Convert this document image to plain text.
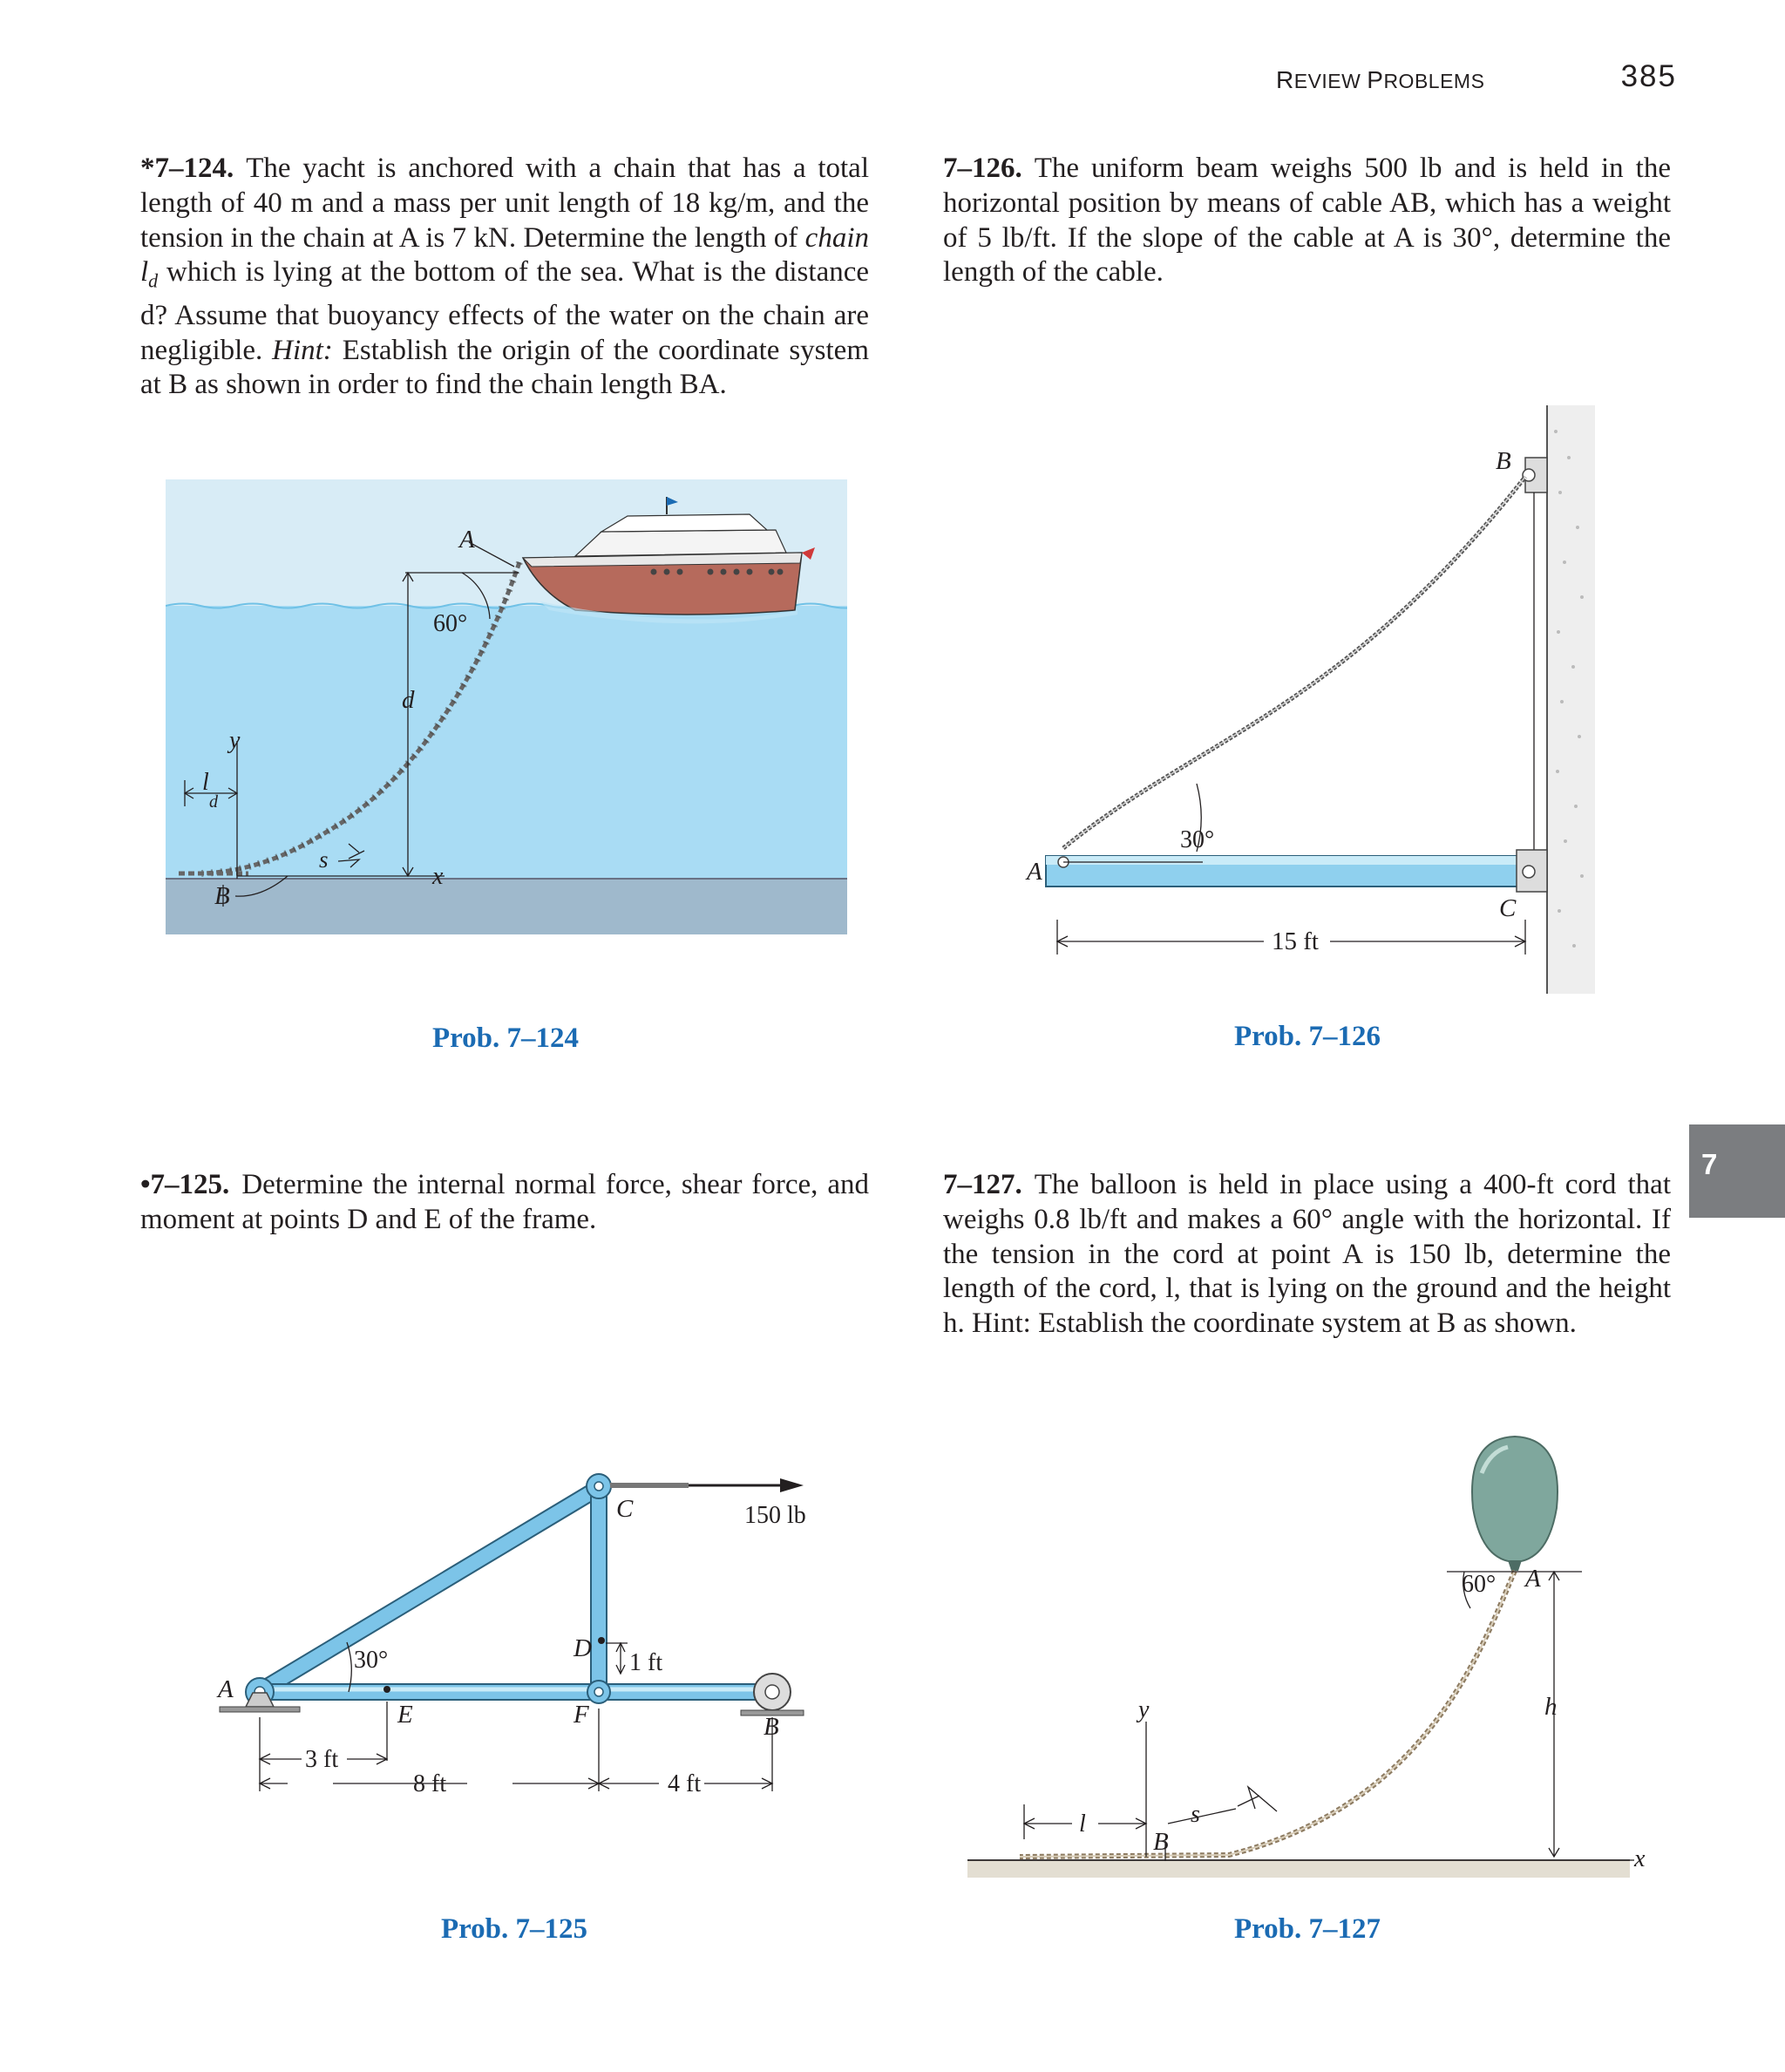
REVIEW PROBLEMS	385
*7–124. The yacht is anchored with a chain that has a total length of 40 m and a mass per unit length of 18 kg/m, and the tension in the chain at A is 7 kN. Determine the length of chain $l_d$ which is lying at the bottom of the sea. What is the distance d? Assume that buoyancy effects of the water on the chain are negligible. Hint: Establish the origin of the coordinate system at B as shown in order to find the chain length BA.
7–126. The uniform beam weighs 500 lb and is held in the horizontal position by means of cable AB, which has a weight of 5 lb/ft. If the slope of the cable at A is 30°, determine the length of the cable.
•7–125. Determine the internal normal force, shear force, and moment at points D and E of the frame.
7–127. The balloon is held in place using a 400-ft cord that weighs 0.8 lb/ft and makes a 60° angle with the horizontal. If the tension in the cord at point A is 150 lb, determine the length of the cord, l, that is lying on the ground and the height h. Hint: Establish the coordinate system at B as shown.
A
60°
d
y
l
d
s
x
B
Prob. 7–124
B
30°
A
C
15 ft
Prob. 7–126
C	150 lb
D
1 ft
30°
A
E	F	B
3 ft
8 ft	4 ft
Prob. 7–125
60° A
y	h
s
l
B
x
Prob. 7–127
7
